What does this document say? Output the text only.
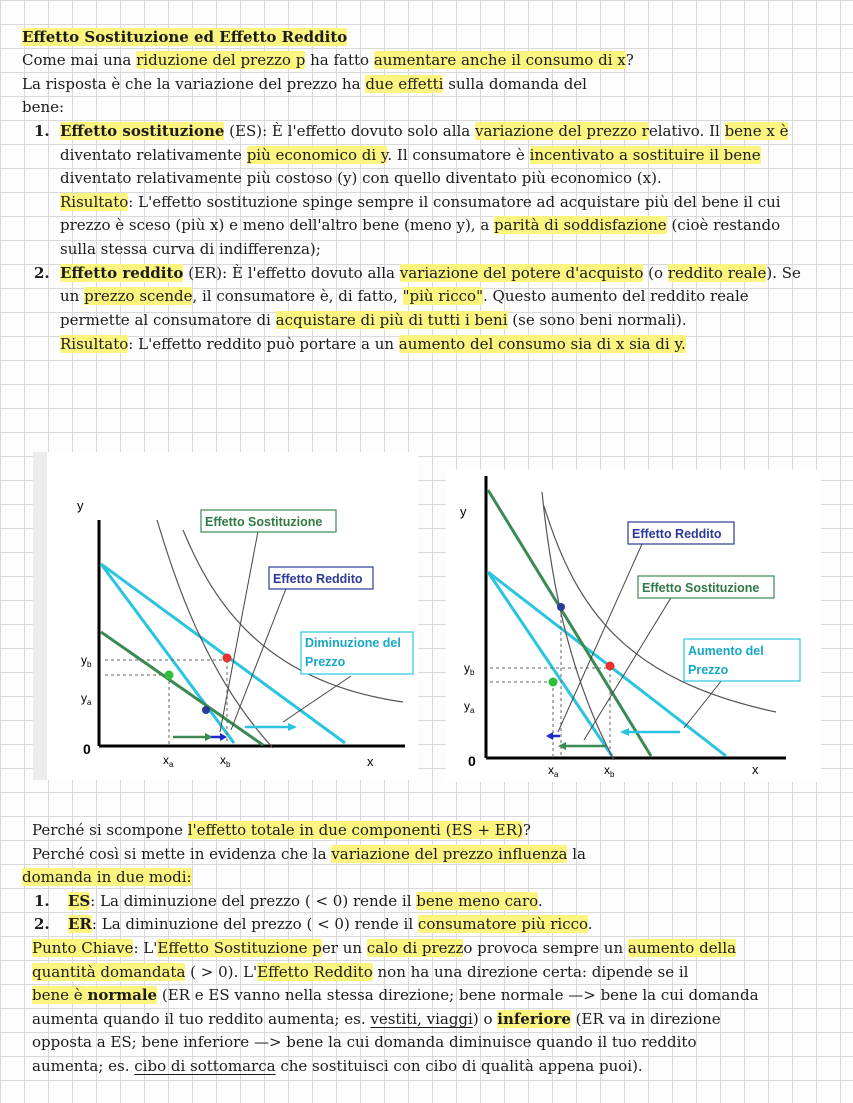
Effetto Sostituzione ed Effetto Reddito
Come mai una riduzione del prezzo p ha fatto aumentare anche il consumo di x?
La risposta è che la variazione del prezzo ha due effetti sulla domanda del
bene:
1. Effetto sostituzione (ES): È l'effetto dovuto solo alla variazione del prezzo relativo. Il bene x è
diventato relativamente più economico di y. Il consumatore è incentivato a sostituire il bene
diventato relativamente più costoso (y) con quello diventato più economico (x).
Risultato: L'effetto sostituzione spinge sempre il consumatore ad acquistare più del bene il cui
prezzo è sceso (più x) e meno dell'altro bene (meno y), a parità di soddisfazione (cioè restando
sulla stessa curva di indifferenza);
2. Effetto reddito (ER): È l'effetto dovuto alla variazione del potere d'acquisto (o reddito reale). Se
un prezzo scende, il consumatore è, di fatto, "più ricco". Questo aumento del reddito reale
permette al consumatore di acquistare di più di tutti i beni (se sono beni normali).
Risultato: L'effetto reddito può portare a un aumento del consumo sia di x sia di y.
y
x
0
$y_b$
$y_a$
$x_a$	$x_b$
Effetto Sostituzione
Effetto Reddito
Diminuzione del
Prezzo
y
x
0
$y_b$
$y_a$
$x_a$	$x_b$
Effetto Reddito
Effetto Sostituzione
Aumento del
Prezzo
Perché si scompone l'effetto totale in due componenti (ES + ER)?
Perché così si mette in evidenza che la variazione del prezzo influenza la
domanda in due modi:
1. ES: La diminuzione del prezzo ( < 0) rende il bene meno caro.
2. ER: La diminuzione del prezzo ( < 0) rende il consumatore più ricco.
Punto Chiave: L'Effetto Sostituzione per un calo di prezzo provoca sempre un aumento della
quantità domandata ( > 0). L'Effetto Reddito non ha una direzione certa: dipende se il
bene è normale (ER e ES vanno nella stessa direzione; bene normale —> bene la cui domanda
aumenta quando il tuo reddito aumenta; es. vestiti, viaggi) o inferiore (ER va in direzione
opposta a ES; bene inferiore —> bene la cui domanda diminuisce quando il tuo reddito
aumenta; es. cibo di sottomarca che sostituisci con cibo di qualità appena puoi).
